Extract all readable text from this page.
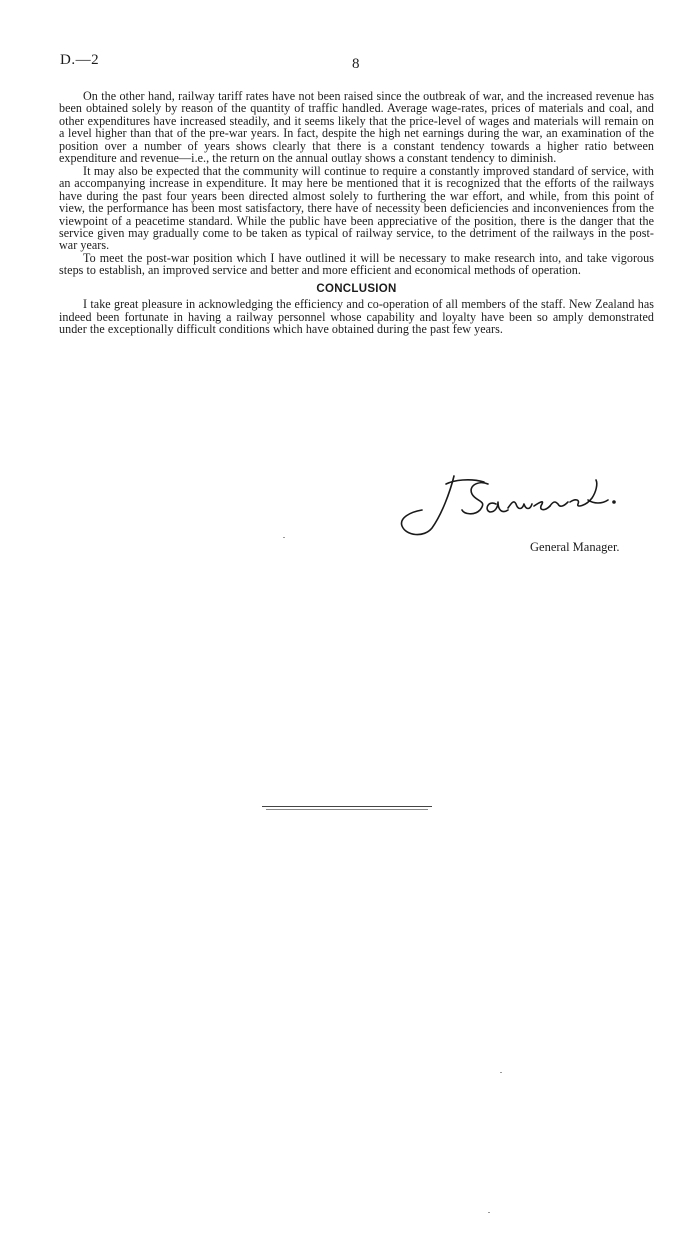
D.—2	8

On the other hand, railway tariff rates have not been raised since the outbreak of war, and the increased revenue has been obtained solely by reason of the quantity of traffic handled. Average wage-rates, prices of materials and coal, and other expenditures have increased steadily, and it seems likely that the price-level of wages and materials will remain on a level higher than that of the pre-war years. In fact, despite the high net earnings during the war, an examination of the position over a number of years shows clearly that there is a constant tendency towards a higher ratio between expenditure and revenue—i.e., the return on the annual outlay shows a constant tendency to diminish.

It may also be expected that the community will continue to require a constantly improved standard of service, with an accompanying increase in expenditure. It may here be mentioned that it is recognized that the efforts of the railways have during the past four years been directed almost solely to furthering the war effort, and while, from this point of view, the performance has been most satisfactory, there have of necessity been deficiencies and inconveniences from the viewpoint of a peacetime standard. While the public have been appreciative of the position, there is the danger that the service given may gradually come to be taken as typical of railway service, to the detriment of the railways in the post-war years.

To meet the post-war position which I have outlined it will be necessary to make research into, and take vigorous steps to establish, an improved service and better and more efficient and economical methods of operation.

CONCLUSION

I take great pleasure in acknowledging the efficiency and co-operation of all members of the staff. New Zealand has indeed been fortunate in having a railway personnel whose capability and loyalty have been so amply demonstrated under the exceptionally difficult conditions which have obtained during the past few years.

General Manager.
